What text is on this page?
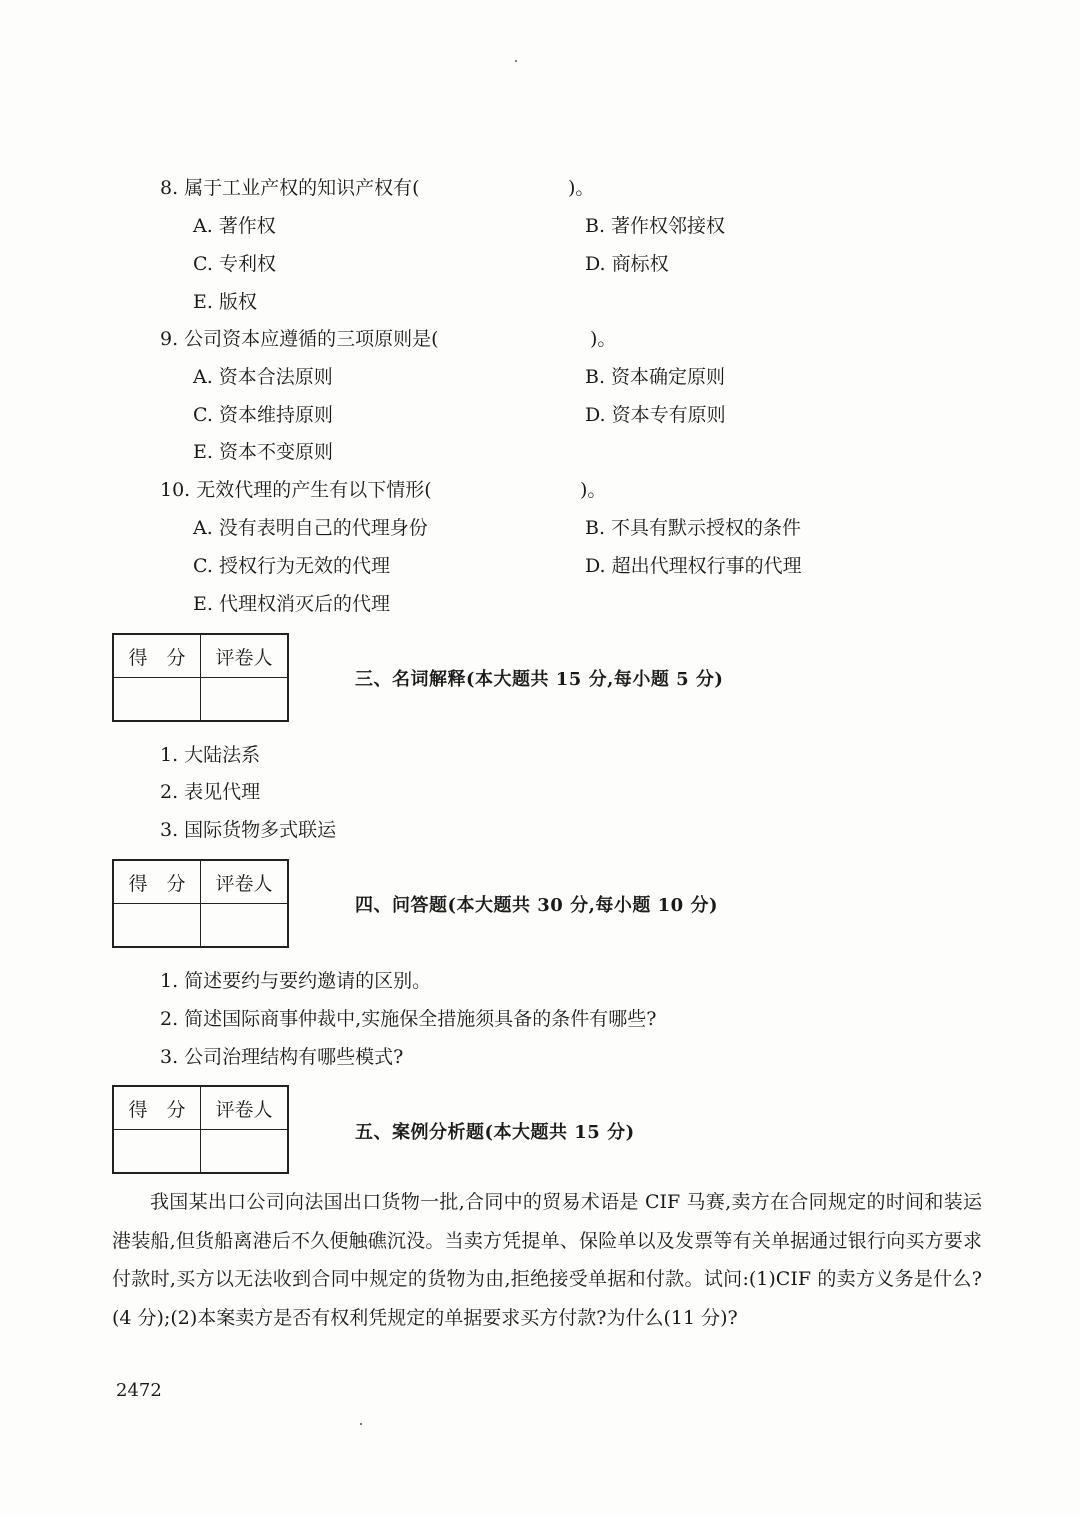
8. 属于工业产权的知识产权有(	)。
A. 著作权	B. 著作权邻接权
C. 专利权	D. 商标权
E. 版权
9. 公司资本应遵循的三项原则是(	)。
A. 资本合法原则	B. 资本确定原则
C. 资本维持原则	D. 资本专有原则
E. 资本不变原则
10. 无效代理的产生有以下情形(	)。
A. 没有表明自己的代理身份	B. 不具有默示授权的条件
C. 授权行为无效的代理	D. 超出代理权行事的代理
E. 代理权消灭后的代理
得　分	评卷人

三、名词解释(本大题共 15 分,每小题 5 分)
1. 大陆法系
2. 表见代理
3. 国际货物多式联运
得　分	评卷人

四、问答题(本大题共 30 分,每小题 10 分)
1. 简述要约与要约邀请的区别。
2. 简述国际商事仲裁中,实施保全措施须具备的条件有哪些?
3. 公司治理结构有哪些模式?
得　分	评卷人

五、案例分析题(本大题共 15 分)

我国某出口公司向法国出口货物一批,合同中的贸易术语是 CIF 马赛,卖方在合同规定的时间和装运港装船,但货船离港后不久便触礁沉没。当卖方凭提单、保险单以及发票等有关单据通过银行向买方要求付款时,买方以无法收到合同中规定的货物为由,拒绝接受单据和付款。试问:(1)CIF 的卖方义务是什么?(4 分);(2)本案卖方是否有权利凭规定的单据要求买方付款?为什么(11 分)?

2472
